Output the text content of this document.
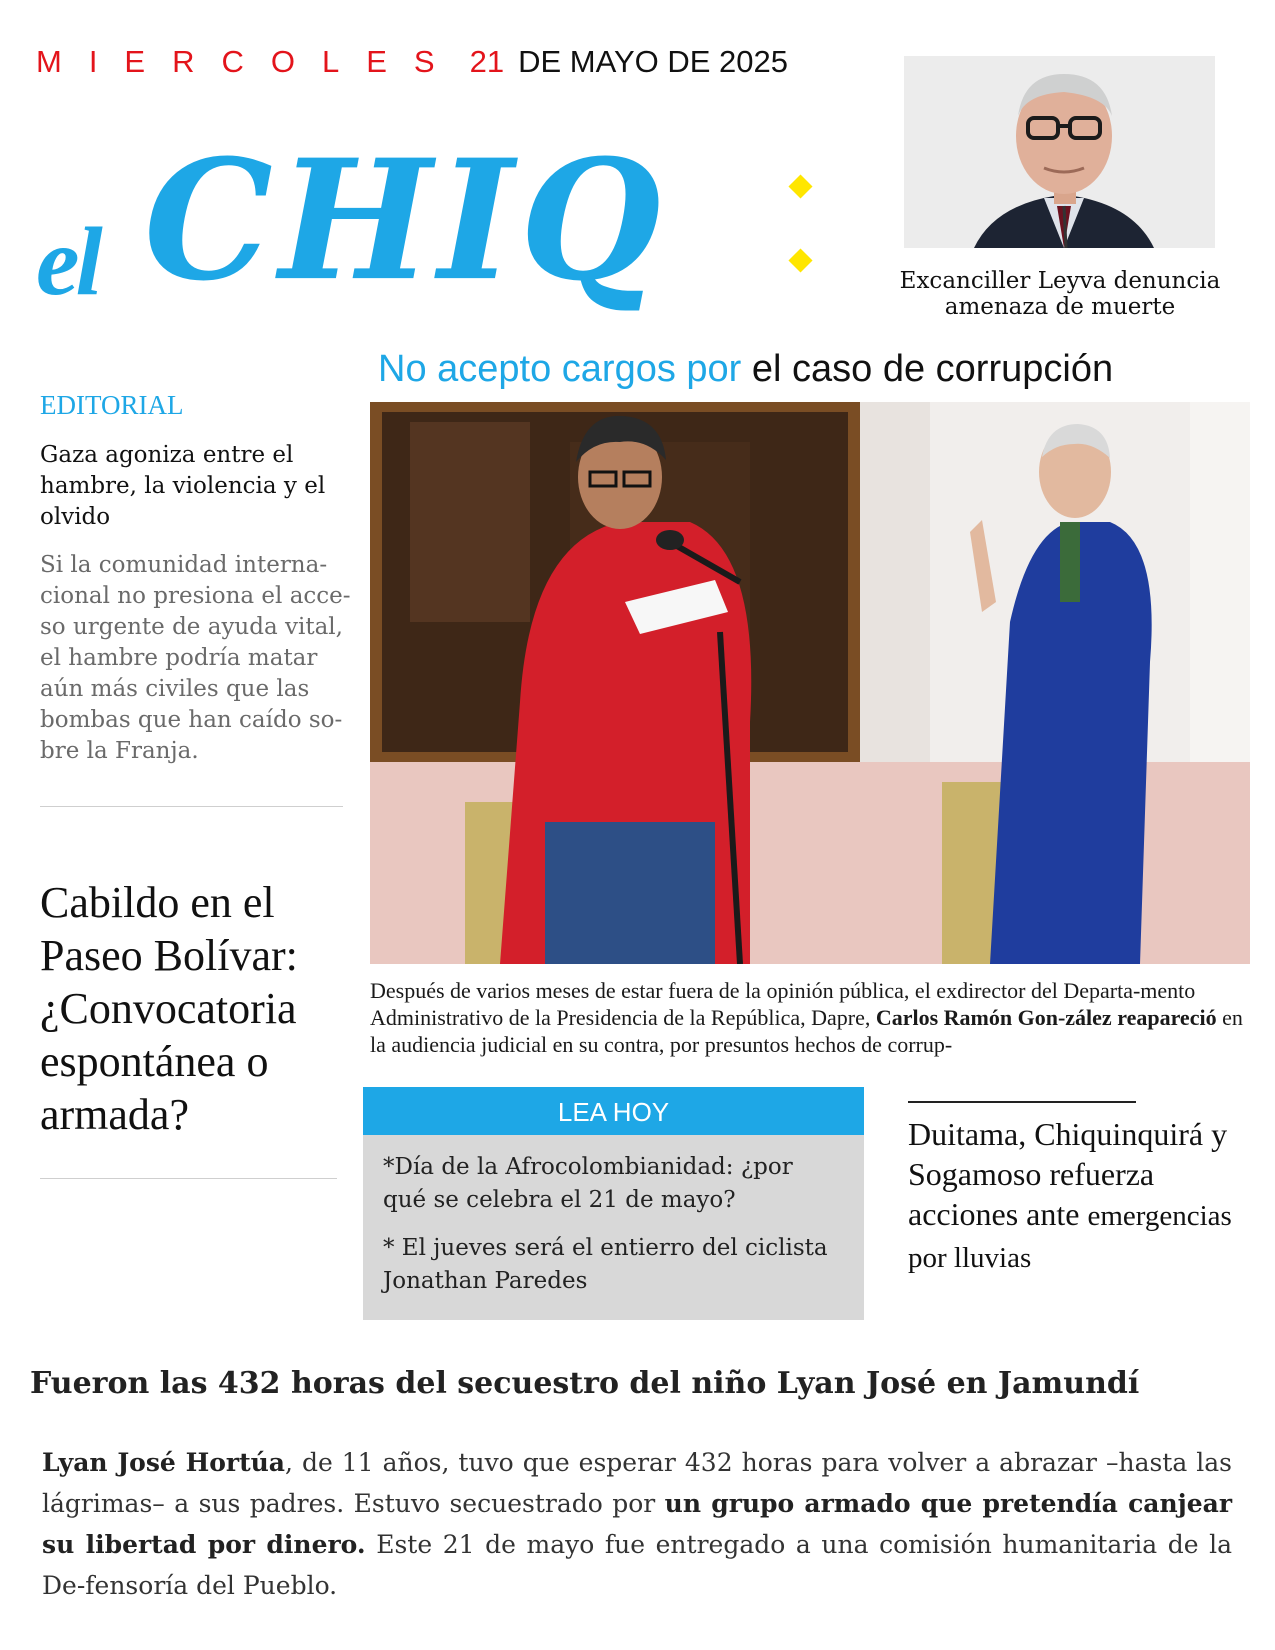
MIERCOLES 21 DE MAYO DE 2025
el CHIQ	Excanciller Leyva denuncia amenaza de muerte
No acepto cargos por el caso de corrupción
Después de varios meses de estar fuera de la opinión pública, el exdirector del Departa-mento Administrativo de la Presidencia de la República, Dapre, Carlos Ramón Gon-zález reapareció en la audiencia judicial en su contra, por presuntos hechos de corrup-
EDITORIAL
Gaza agoniza entre el hambre, la violencia y el olvido
Si la comunidad interna-cional no presiona el acce-so urgente de ayuda vital, el hambre podría matar aún más civiles que las bombas que han caído so-bre la Franja.
Cabildo en el Paseo Bolívar: ¿Convocatoria espontánea o armada?	LEA HOY
*Día de la Afrocolombianidad: ¿por qué se celebra el 21 de mayo?
* El jueves será el entierro del ciclista Jonathan Paredes
Duitama, Chiquinquirá y Sogamoso refuerza acciones ante emergencias por lluvias
Fueron las 432 horas del secuestro del niño Lyan José en Jamundí
Lyan José Hortúa, de 11 años, tuvo que esperar 432 horas para volver a abrazar –hasta las lágrimas– a sus padres. Estuvo secuestrado por un grupo armado que pretendía canjear su libertad por dinero. Este 21 de mayo fue entregado a una comisión humanitaria de la De-fensoría del Pueblo.
